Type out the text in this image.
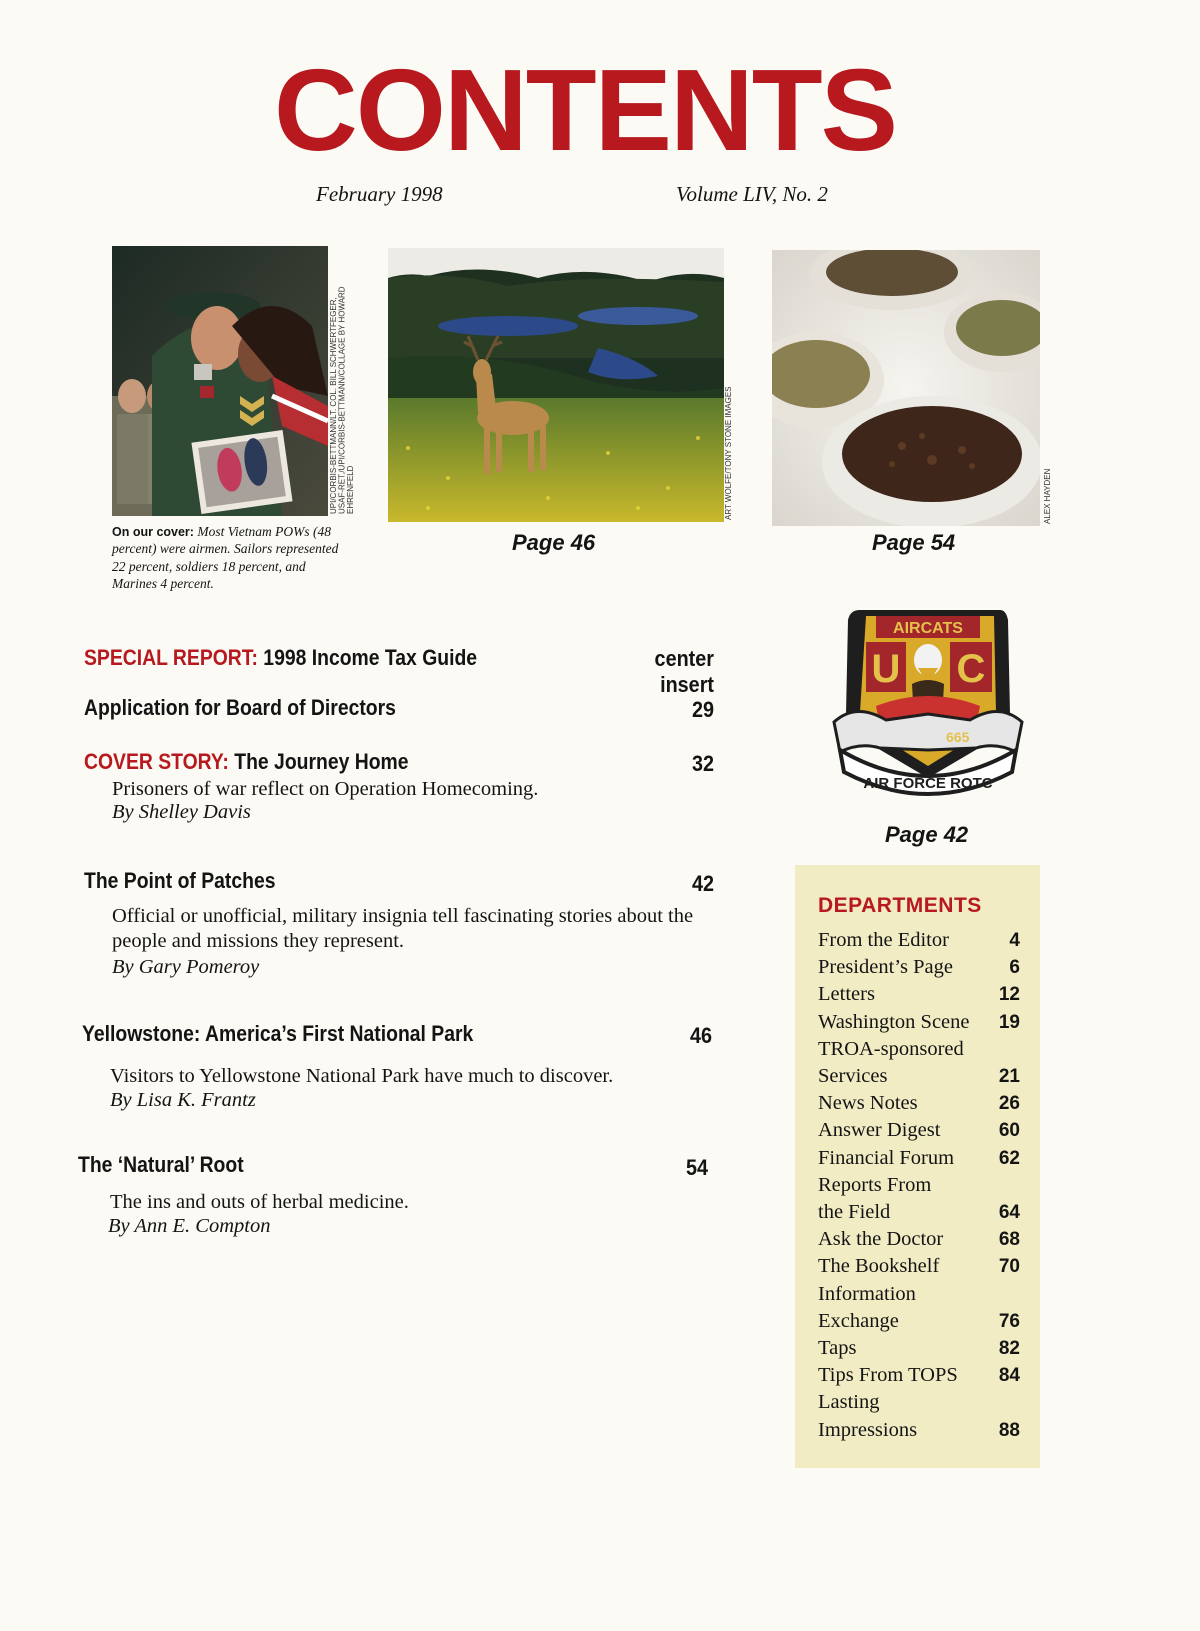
CONTENTS
February 1998	Volume LIV, No. 2
UPI/CORBIS-BETTMANN/LT. COL. BILL SCHWERTFEGER, USAF-RET./UPI/CORBIS-BETTMANN/COLLAGE BY HOWARD EHRENFELD
On our cover: Most Vietnam POWs (48 percent) were airmen. Sailors represented 22 percent, soldiers 18 percent, and Marines 4 percent.
ART WOLFE/TONY STONE IMAGES
Page 46
ALEX HAYDEN
Page 54
AIRCATS
U C
665
AIR FORCE ROTC
Page 42
SPECIAL REPORT: 1998 Income Tax Guide	center insert
Application for Board of Directors	29
COVER STORY: The Journey Home	32
Prisoners of war reflect on Operation Homecoming.
By Shelley Davis
The Point of Patches	42
Official or unofficial, military insignia tell fascinating stories about the people and missions they represent.
By Gary Pomeroy
Yellowstone: America’s First National Park	46
Visitors to Yellowstone National Park have much to discover.
By Lisa K. Frantz
The ‘Natural’ Root	54
The ins and outs of herbal medicine.
By Ann E. Compton
DEPARTMENTS
From the Editor	4
President’s Page	6
Letters	12
Washington Scene	19
TROA-sponsored
Services	21
News Notes	26
Answer Digest	60
Financial Forum	62
Reports From
the Field	64
Ask the Doctor	68
The Bookshelf	70
Information
Exchange	76
Taps	82
Tips From TOPS	84
Lasting
Impressions	88
